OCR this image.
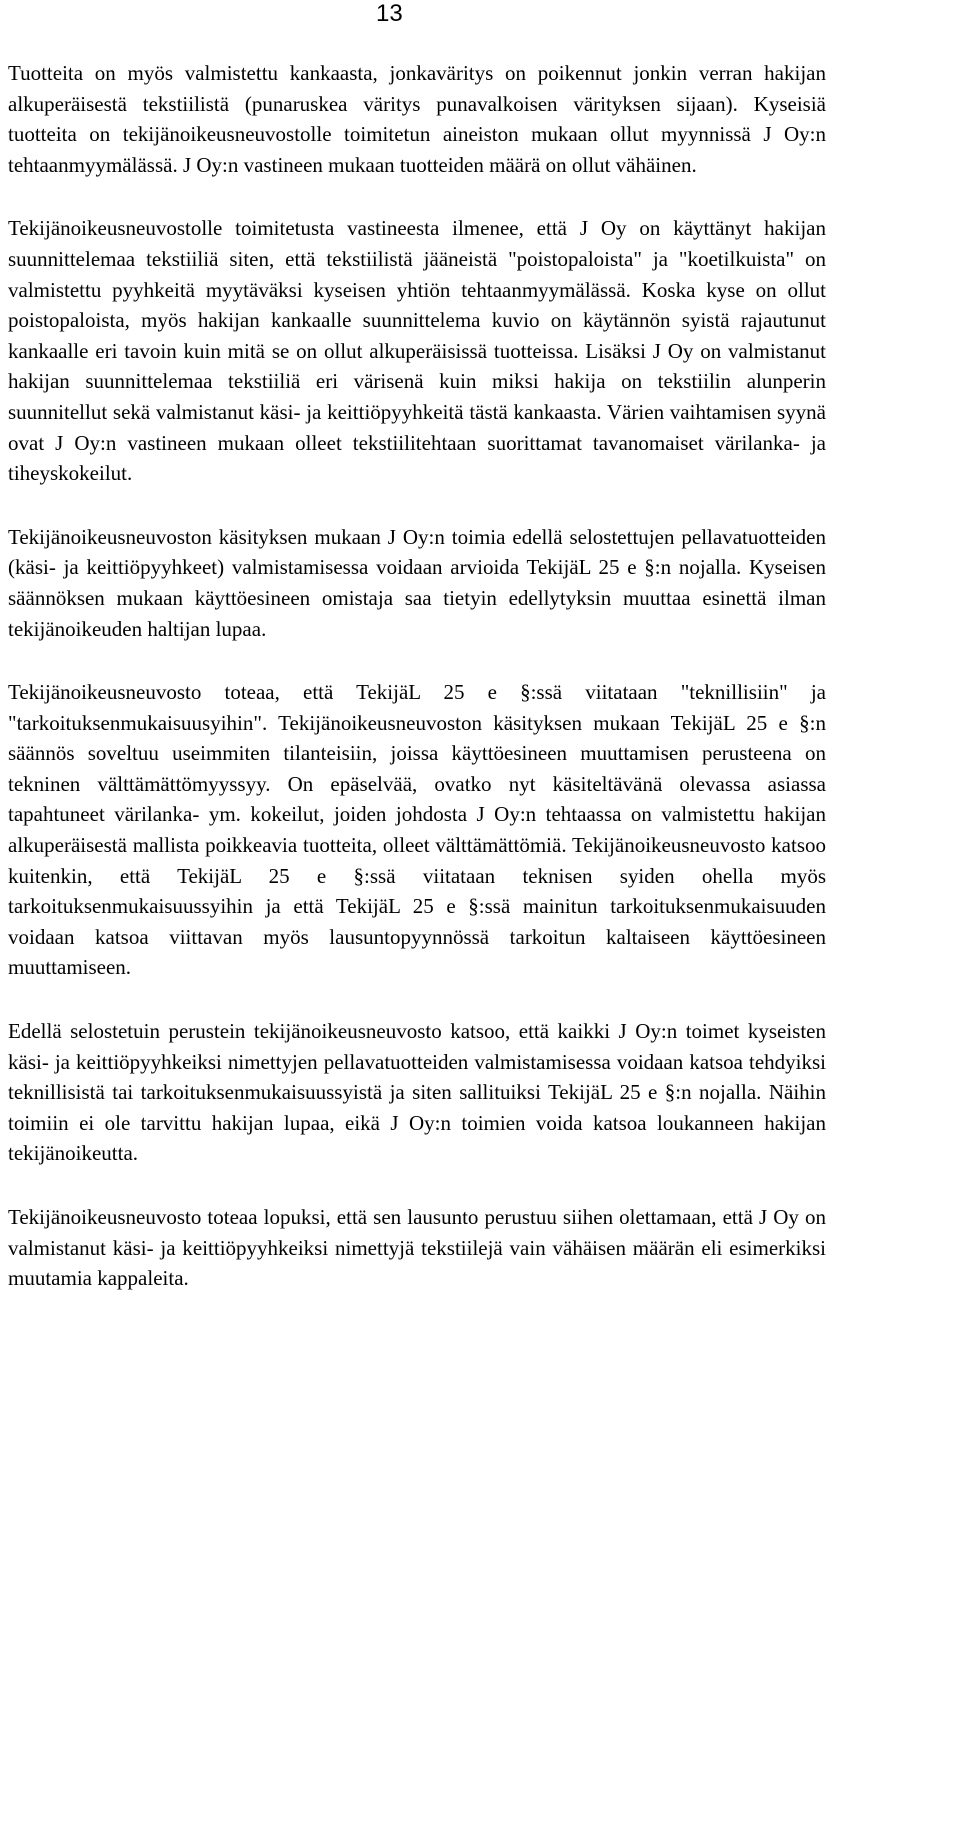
13

Tuotteita on myös valmistettu kankaasta, jonkaväritys on poikennut jonkin verran hakijan alkuperäisestä tekstiilistä (punaruskea väritys punavalkoisen värityksen sijaan). Kyseisiä tuotteita on tekijänoikeusneuvostolle toimitetun aineiston mukaan ollut myynnissä J Oy:n tehtaanmyymälässä. J Oy:n vastineen mukaan tuotteiden määrä on ollut vähäinen.

Tekijänoikeusneuvostolle toimitetusta vastineesta ilmenee, että J Oy on käyttänyt hakijan suunnittelemaa tekstiiliä siten, että tekstiilistä jääneistä "poistopaloista" ja "koetilkuista" on valmistettu pyyhkeitä myytäväksi kyseisen yhtiön tehtaanmyymälässä. Koska kyse on ollut poistopaloista, myös hakijan kankaalle suunnittelema kuvio on käytännön syistä rajautunut kankaalle eri tavoin kuin mitä se on ollut alkuperäisissä tuotteissa. Lisäksi J Oy on valmistanut hakijan suunnittelemaa tekstiiliä eri värisenä kuin miksi hakija on tekstiilin alunperin suunnitellut sekä valmistanut käsi- ja keittiöpyyhkeitä tästä kankaasta. Värien vaihtamisen syynä ovat J Oy:n vastineen mukaan olleet tekstiilitehtaan suorittamat tavanomaiset värilanka- ja tiheyskokeilut.

Tekijänoikeusneuvoston käsityksen mukaan J Oy:n toimia edellä selostettujen pellavatuotteiden (käsi- ja keittiöpyyhkeet) valmistamisessa voidaan arvioida TekijäL 25 e §:n nojalla. Kyseisen säännöksen mukaan käyttöesineen omistaja saa tietyin edellytyksin muuttaa esinettä ilman tekijänoikeuden haltijan lupaa.

Tekijänoikeusneuvosto toteaa, että TekijäL 25 e §:ssä viitataan "teknillisiin" ja "tarkoituksenmukaisuusyihin". Tekijänoikeusneuvoston käsityksen mukaan TekijäL 25 e §:n säännös soveltuu useimmiten tilanteisiin, joissa käyttöesineen muuttamisen perusteena on tekninen välttämättömyyssyy. On epäselvää, ovatko nyt käsiteltävänä olevassa asiassa tapahtuneet värilanka- ym. kokeilut, joiden johdosta J Oy:n tehtaassa on valmistettu hakijan alkuperäisestä mallista poikkeavia tuotteita, olleet välttämättömiä. Tekijänoikeusneuvosto katsoo kuitenkin, että TekijäL 25 e §:ssä viitataan teknisen syiden ohella myös tarkoituksenmukaisuussyihin ja että TekijäL 25 e §:ssä mainitun tarkoituksenmukaisuuden voidaan katsoa viittavan myös lausuntopyynnössä tarkoitun kaltaiseen käyttöesineen muuttamiseen.

Edellä selostetuin perustein tekijänoikeusneuvosto katsoo, että kaikki J Oy:n toimet kyseisten käsi- ja keittiöpyyhkeiksi nimettyjen pellavatuotteiden valmistamisessa voidaan katsoa tehdyiksi teknillisistä tai tarkoituksenmukaisuussyistä ja siten sallituiksi TekijäL 25 e §:n nojalla. Näihin toimiin ei ole tarvittu hakijan lupaa, eikä J Oy:n toimien voida katsoa loukanneen hakijan tekijänoikeutta.

Tekijänoikeusneuvosto toteaa lopuksi, että sen lausunto perustuu siihen olettamaan, että J Oy on valmistanut käsi- ja keittiöpyyhkeiksi nimettyjä tekstiilejä vain vähäisen määrän eli esimerkiksi muutamia kappaleita.
